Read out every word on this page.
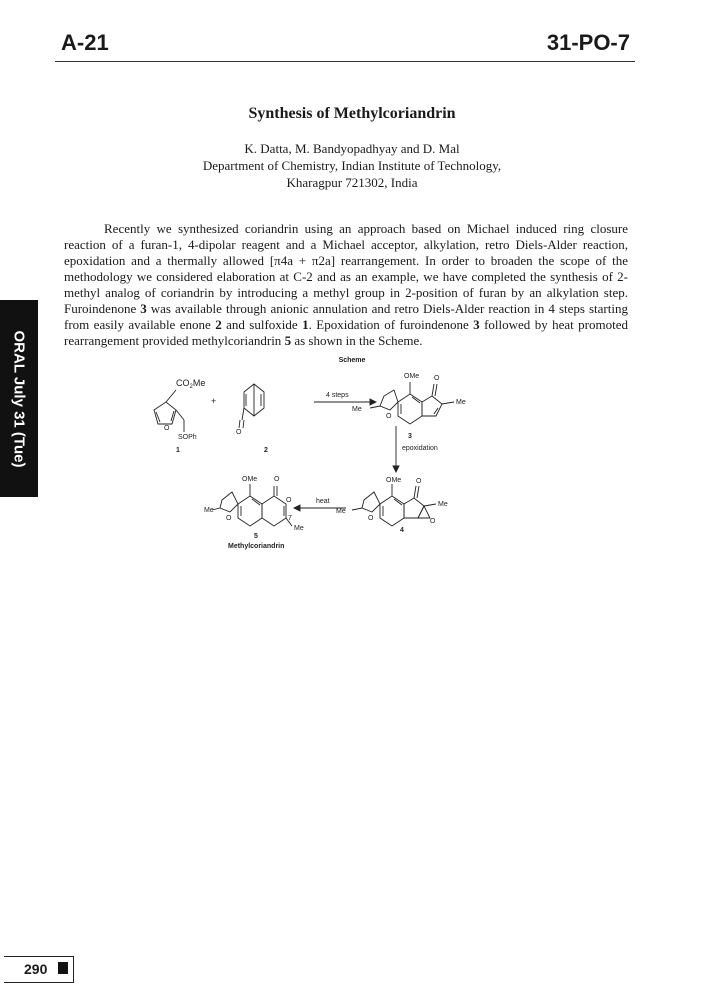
A-21	31-PO-7
Synthesis of Methylcoriandrin
K. Datta, M. Bandyopadhyay and D. Mal
Department of Chemistry, Indian Institute of Technology,
Kharagpur 721302, India

Recently we synthesized coriandrin using an approach based on Michael induced ring closure reaction of a furan-1, 4-dipolar reagent and a Michael acceptor, alkylation, retro Diels-Alder reaction, epoxidation and a thermally allowed [π4a + π2a] rearrangement. In order to broaden the scope of the methodology we considered elaboration at C-2 and as an example, we have completed the synthesis of 2-methyl analog of coriandrin by introducing a methyl group in 2-position of furan by an alkylation step. Furoindenone 3 was available through anionic annulation and retro Diels-Alder reaction in 4 steps starting from easily available enone 2 and sulfoxide 1. Epoxidation of furoindenone 3 followed by heat promoted rearrangement provided methylcoriandrin 5 as shown in the Scheme.

ORAL July 31 (Tue)	Scheme
$CO_2Me$
+
O
SOPh
1
O
2
4 steps
OMe O
Me
O
Me
3
epoxidation
OMe O
Me
O
Me
O
4
heat
OMe O
O
7
Me
Me
O
5
Methylcoriandrin
290
